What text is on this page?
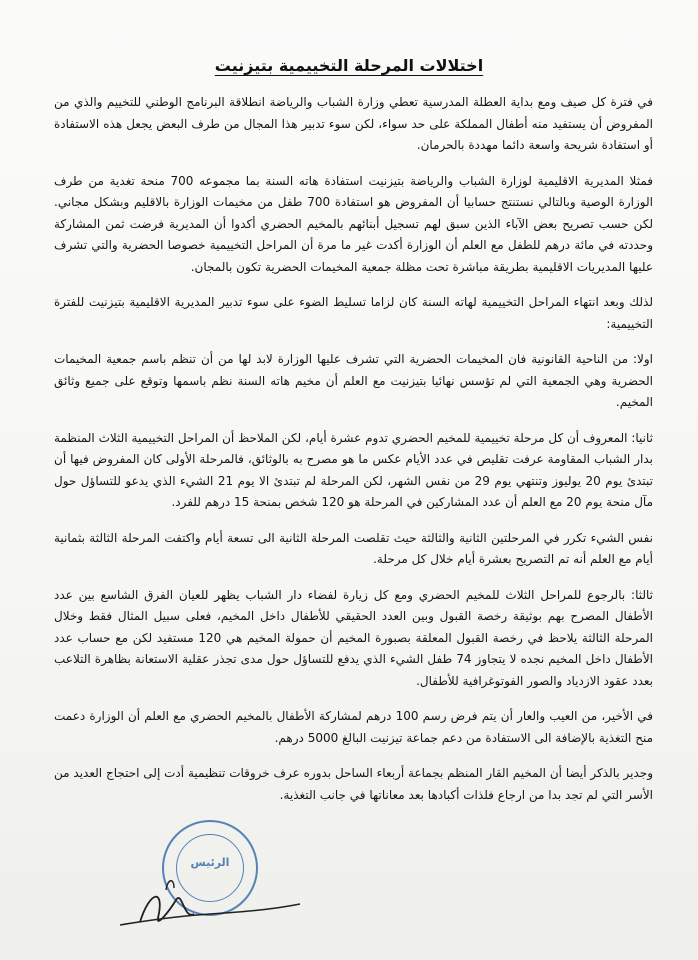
اختلالات المرحلة التخييمية بتيزنيت

في فترة كل صيف ومع بداية العطلة المدرسية تعطي وزارة الشباب والرياضة انطلاقة البرنامج الوطني للتخييم والذي من المفروض أن يستفيد منه أطفال المملكة على حد سواء، لكن سوء تدبير هذا المجال من طرف البعض يجعل هذه الاستفادة أو استفادة شريحة واسعة دائما مهددة بالحرمان.

فمثلا المديرية الاقليمية لوزارة الشباب والرياضة بتيزنيت استفادة هاته السنة بما مجموعه 700 منحة تغدية من طرف الوزارة الوصية وبالتالي نستنتج حسابيا أن المفروض هو استفادة 700 طفل من مخيمات الوزارة بالاقليم وبشكل مجاني. لكن حسب تصريح بعض الآباء الذين سبق لهم تسجيل أبنائهم بالمخيم الحضري أكدوا أن المديرية فرضت ثمن المشاركة وحددته في مائة درهم للطفل مع العلم أن الوزارة أكدت غير ما مرة أن المراحل التخييمية خصوصا الحضرية والتي تشرف عليها المديريات الاقليمية بطريقة مباشرة تحت مظلة جمعية المخيمات الحضرية تكون بالمجان.

لذلك وبعد انتهاء المراحل التخييمية لهاته السنة كان لزاما تسليط الضوء على سوء تدبير المديرية الاقليمية بتيزنيت للفترة التخييمية:

اولا: من الناحية القانونية فان المخيمات الحضرية التي تشرف عليها الوزارة لابد لها من أن تنظم باسم جمعية المخيمات الحضرية وهي الجمعية التي لم تؤسس نهائيا بتيزنيت مع العلم أن مخيم هاته السنة نظم باسمها وتوقع على جميع وثائق المخيم.

ثانيا: المعروف أن كل مرحلة تخييمية للمخيم الحضري تدوم عشرة أيام، لكن الملاحظ أن المراحل التخييمية الثلاث المنظمة بدار الشباب المقاومة عرفت تقليص في عدد الأيام عكس ما هو مصرح به بالوثائق، فالمرحلة الأولى كان المفروض فيها أن تبتدئ يوم 20 يوليوز وتنتهي يوم 29 من نفس الشهر، لكن المرحلة لم تبتدئ الا يوم 21 الشيء الذي يدعو للتساؤل حول مآل منحة يوم 20 مع العلم أن عدد المشاركين في المرحلة هو 120 شخص بمنحة 15 درهم للفرد.

نفس الشيء تكرر في المرحلتين الثانية والثالثة حيث تقلصت المرحلة الثانية الى تسعة أيام واكتفت المرحلة الثالثة بثمانية أيام مع العلم أنه تم التصريح بعشرة أيام خلال كل مرحلة.

ثالثا: بالرجوع للمراحل الثلاث للمخيم الحضري ومع كل زيارة لفضاء دار الشباب يظهر للعيان الفرق الشاسع بين عدد الأطفال المصرح بهم بوثيقة رخصة القبول وبين العدد الحقيقي للأطفال داخل المخيم، فعلى سبيل المثال فقط وخلال المرحلة الثالثة يلاحظ في رخصة القبول المعلقة بصبورة المخيم أن حمولة المخيم هي 120 مستفيد لكن مع حساب عدد الأطفال داخل المخيم نجده لا يتجاوز 74 طفل الشيء الذي يدفع للتساؤل حول مدى تجذر عقلية الاستعانة بظاهرة التلاعب بعدد عقود الازدياد والصور الفوتوغرافية للأطفال.

في الأخير، من العيب والعار أن يتم فرض رسم 100 درهم لمشاركة الأطفال بالمخيم الحضري مع العلم أن الوزارة دعمت منح التغذية بالإضافة الى الاستفادة من دعم جماعة تيزنيت البالغ 5000 درهم.

وجدير بالذكر أيضا أن المخيم القار المنظم بجماعة أربعاء الساحل بدوره عرف خروقات تنظيمية أدت إلى احتجاج العديد من الأسر التي لم تجد بدا من ارجاع فلذات أكبادها بعد معاناتها في جانب التغذية.

الرئيس
